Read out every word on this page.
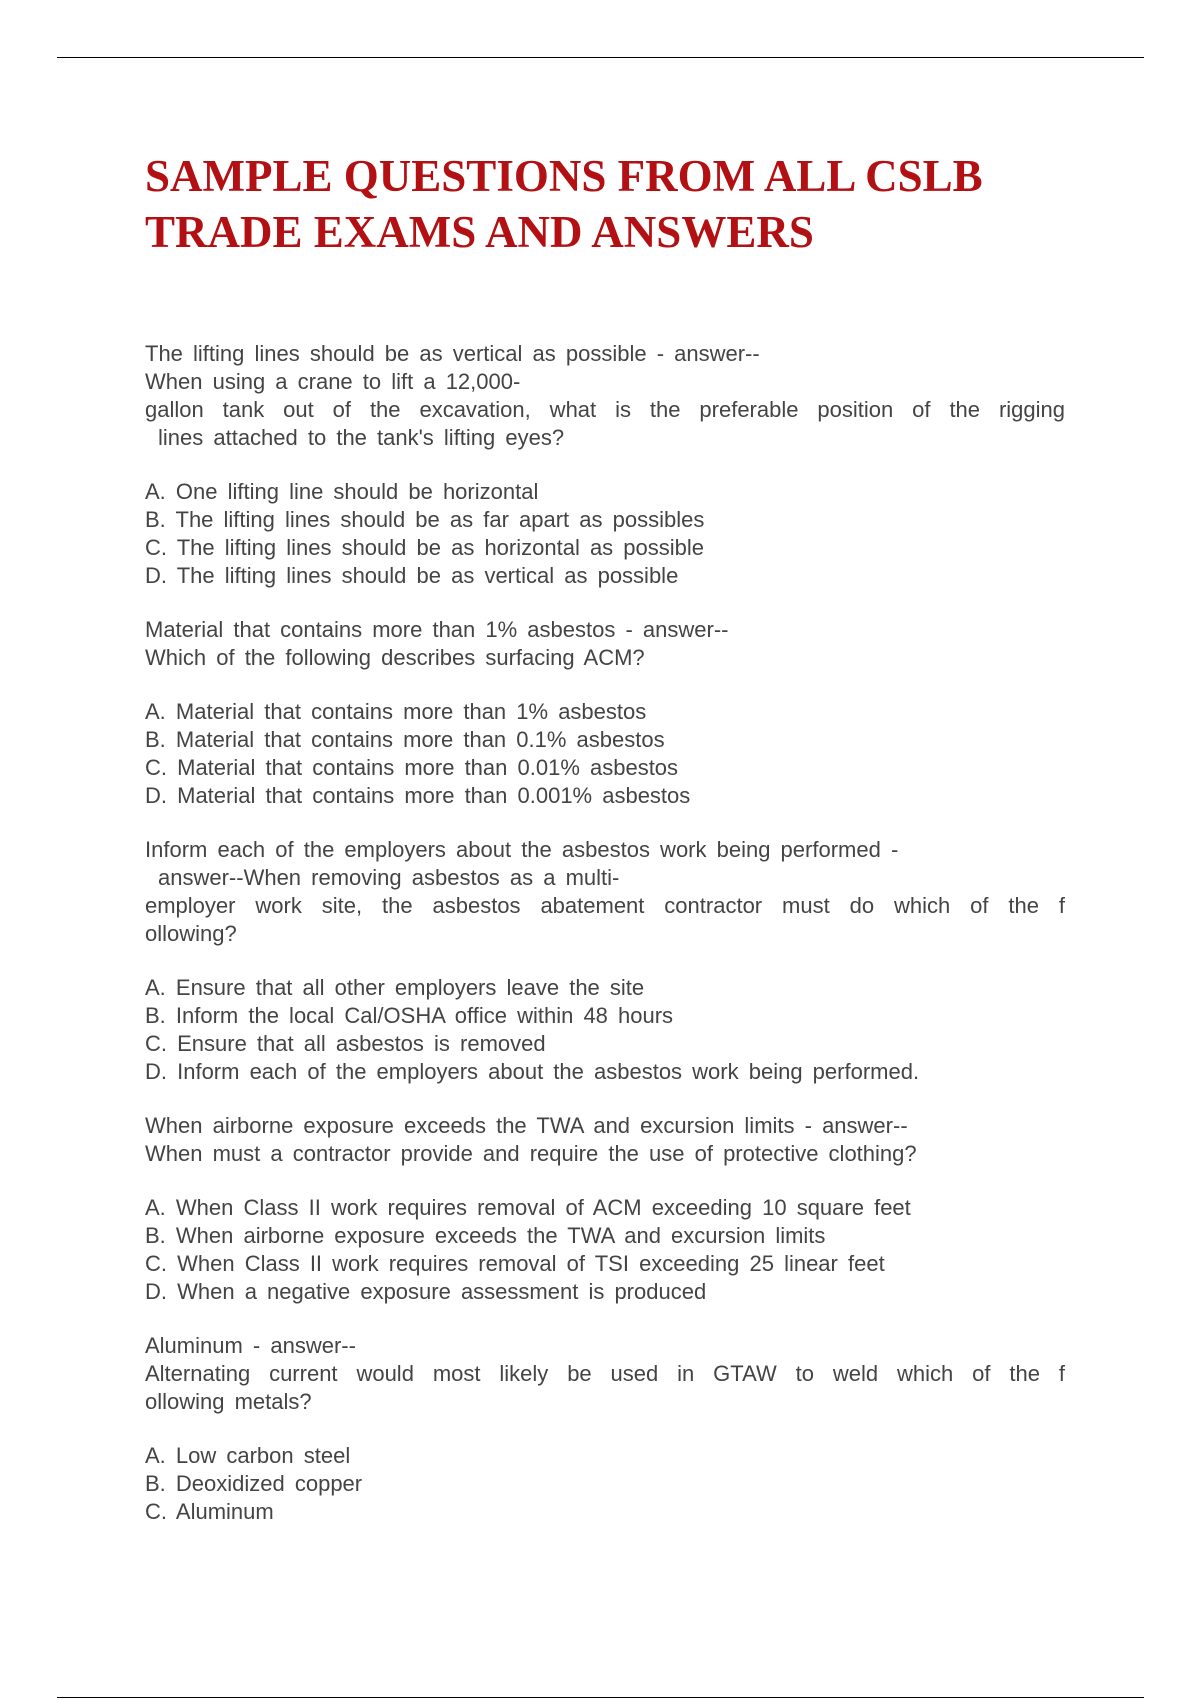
SAMPLE QUESTIONS FROM ALL CSLB
TRADE EXAMS AND ANSWERS
The lifting lines should be as vertical as possible - answer--
When using a crane to lift a 12,000-
gallon tank out of the excavation, what is the preferable position of the rigging
lines attached to the tank's lifting eyes?
A. One lifting line should be horizontal
B. The lifting lines should be as far apart as possibles
C. The lifting lines should be as horizontal as possible
D. The lifting lines should be as vertical as possible
Material that contains more than 1% asbestos - answer--
Which of the following describes surfacing ACM?
A. Material that contains more than 1% asbestos
B. Material that contains more than 0.1% asbestos
C. Material that contains more than 0.01% asbestos
D. Material that contains more than 0.001% asbestos
Inform each of the employers about the asbestos work being performed -
answer--When removing asbestos as a multi-
employer work site, the asbestos abatement contractor must do which of the f
ollowing?
A. Ensure that all other employers leave the site
B. Inform the local Cal/OSHA office within 48 hours
C. Ensure that all asbestos is removed
D. Inform each of the employers about the asbestos work being performed.
When airborne exposure exceeds the TWA and excursion limits - answer--
When must a contractor provide and require the use of protective clothing?
A. When Class II work requires removal of ACM exceeding 10 square feet
B. When airborne exposure exceeds the TWA and excursion limits
C. When Class II work requires removal of TSI exceeding 25 linear feet
D. When a negative exposure assessment is produced
Aluminum - answer--
Alternating current would most likely be used in GTAW to weld which of the f
ollowing metals?
A. Low carbon steel
B. Deoxidized copper
C. Aluminum
